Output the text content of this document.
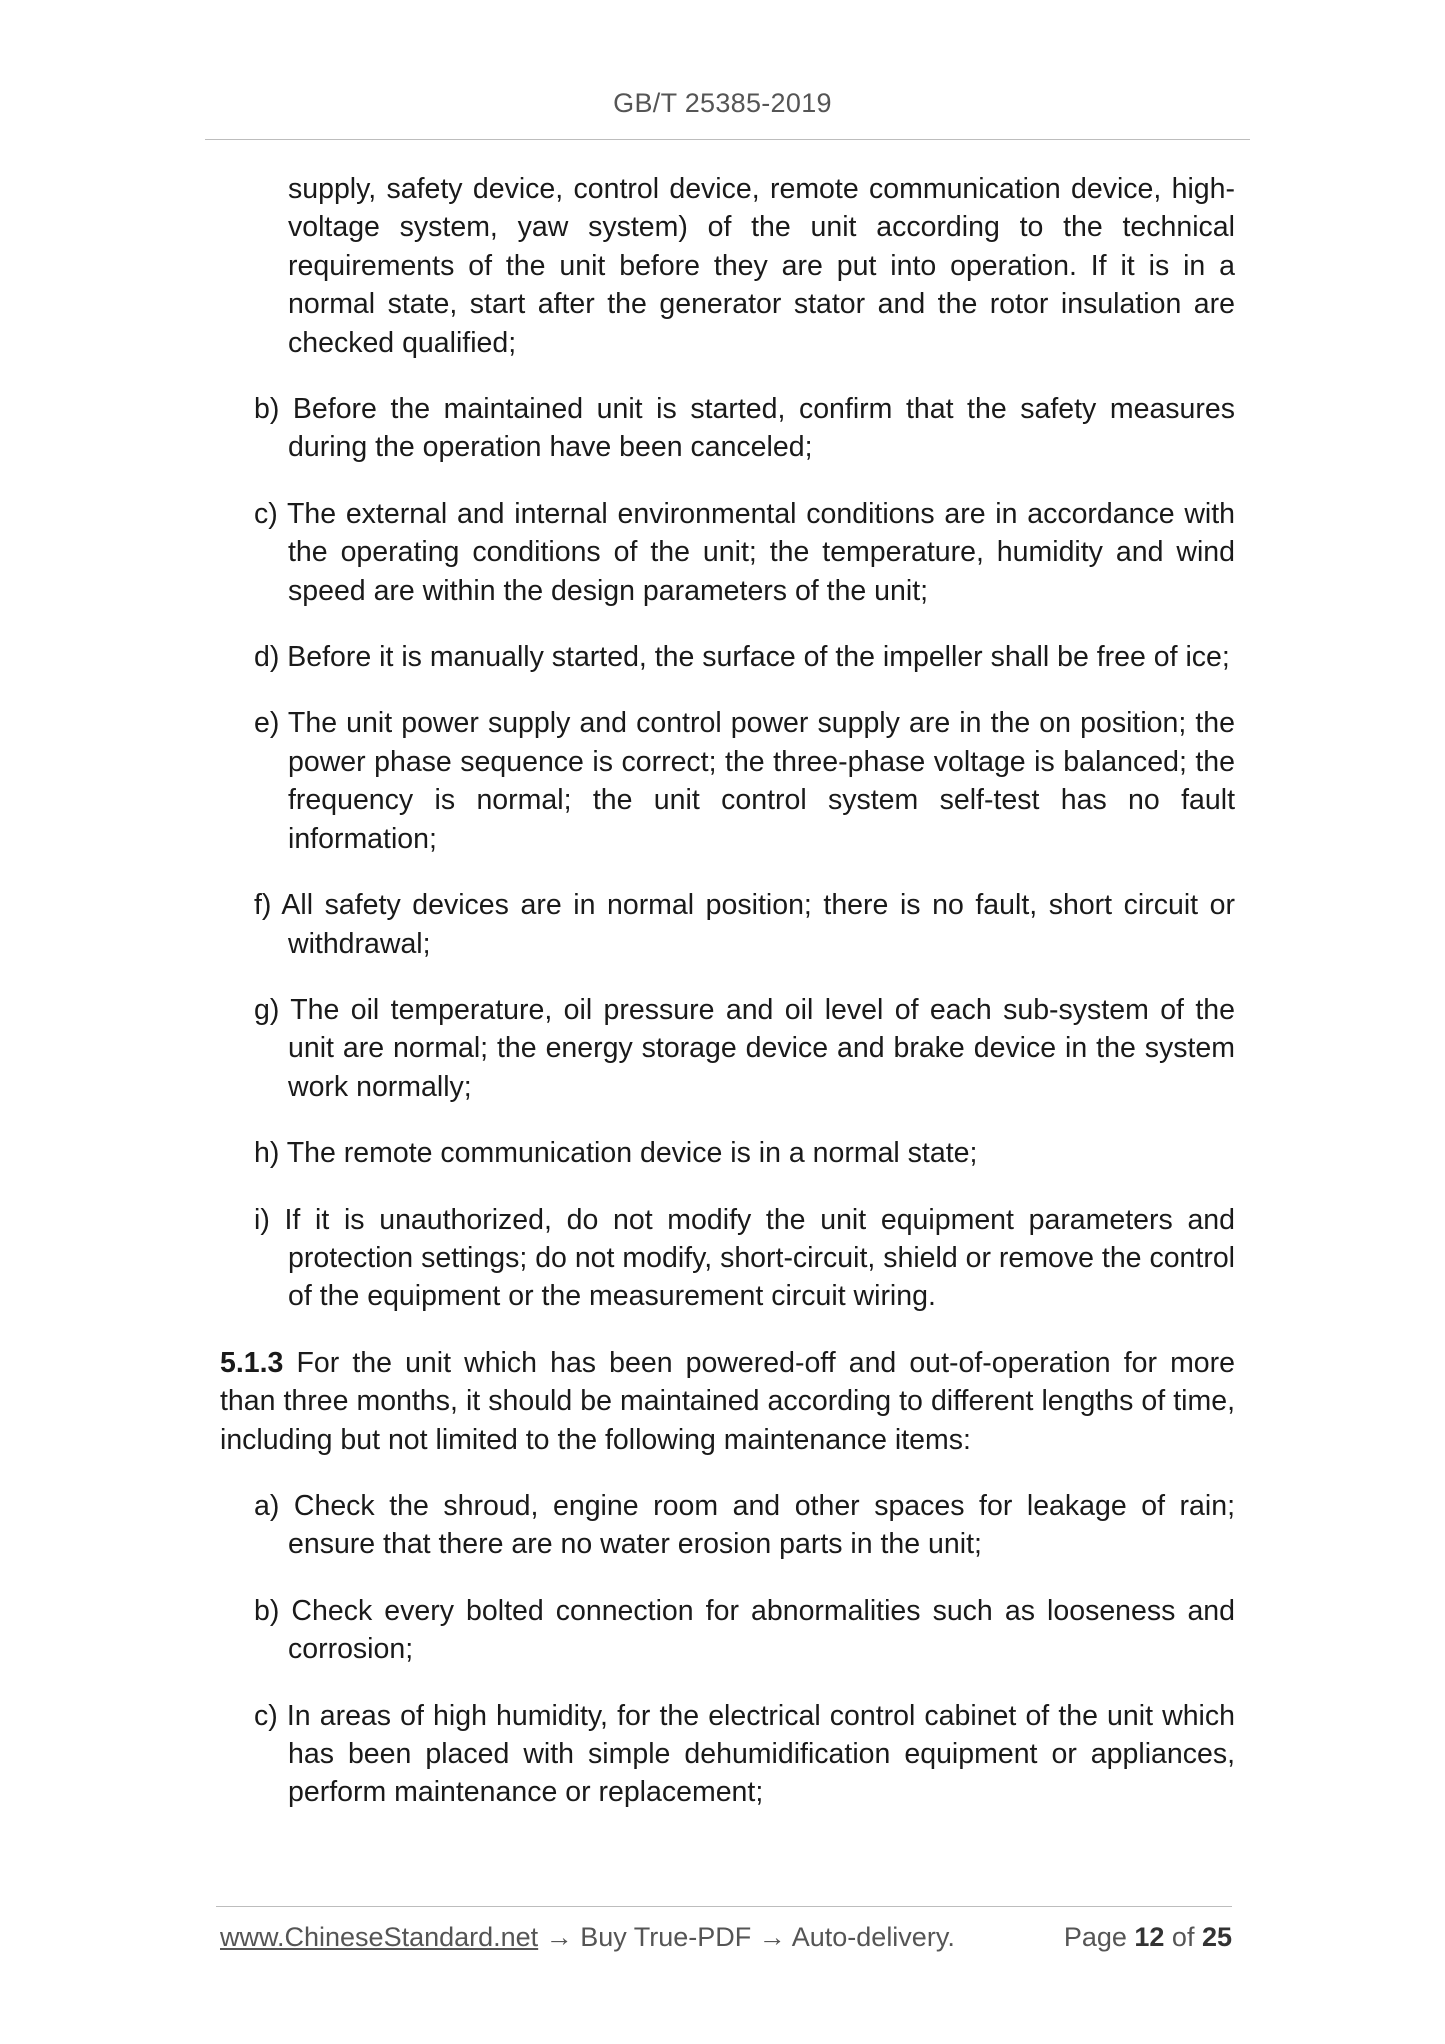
GB/T 25385-2019
supply, safety device, control device, remote communication device, high-voltage system, yaw system) of the unit according to the technical requirements of the unit before they are put into operation. If it is in a normal state, start after the generator stator and the rotor insulation are checked qualified;
b) Before the maintained unit is started, confirm that the safety measures during the operation have been canceled;
c) The external and internal environmental conditions are in accordance with the operating conditions of the unit; the temperature, humidity and wind speed are within the design parameters of the unit;
d) Before it is manually started, the surface of the impeller shall be free of ice;
e) The unit power supply and control power supply are in the on position; the power phase sequence is correct; the three-phase voltage is balanced; the frequency is normal; the unit control system self-test has no fault information;
f) All safety devices are in normal position; there is no fault, short circuit or withdrawal;
g) The oil temperature, oil pressure and oil level of each sub-system of the unit are normal; the energy storage device and brake device in the system work normally;
h) The remote communication device is in a normal state;
i) If it is unauthorized, do not modify the unit equipment parameters and protection settings; do not modify, short-circuit, shield or remove the control of the equipment or the measurement circuit wiring.
5.1.3 For the unit which has been powered-off and out-of-operation for more than three months, it should be maintained according to different lengths of time, including but not limited to the following maintenance items:
a) Check the shroud, engine room and other spaces for leakage of rain; ensure that there are no water erosion parts in the unit;
b) Check every bolted connection for abnormalities such as looseness and corrosion;
c) In areas of high humidity, for the electrical control cabinet of the unit which has been placed with simple dehumidification equipment or appliances, perform maintenance or replacement;
www.ChineseStandard.net → Buy True-PDF → Auto-delivery.	Page 12 of 25
